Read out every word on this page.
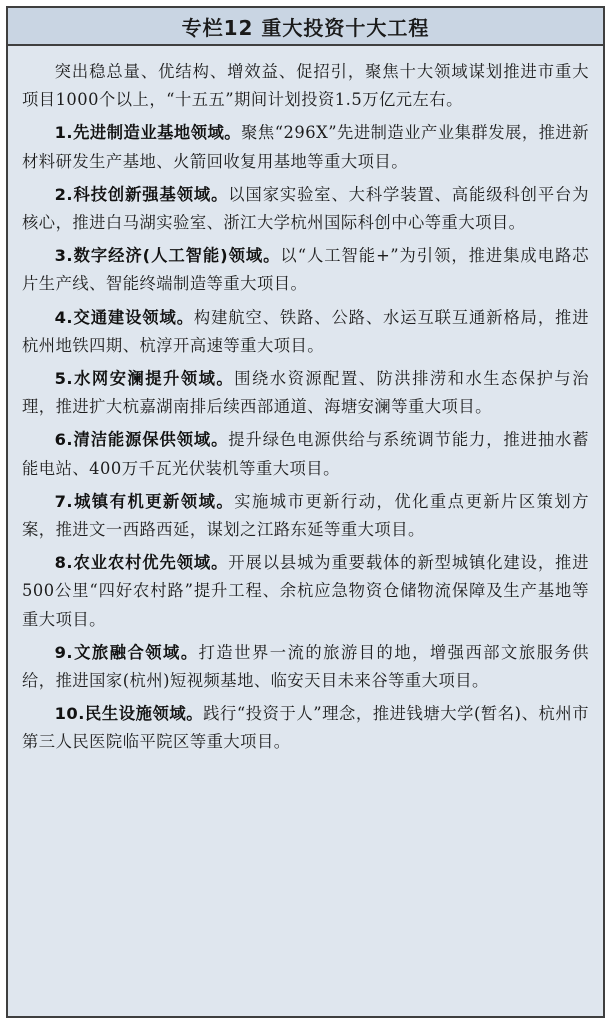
专栏12 重大投资十大工程

突出稳总量、优结构、增效益、促招引，聚焦十大领域谋划推进市重大项目1000个以上，“十五五”期间计划投资1.5万亿元左右。

1.先进制造业基地领域。聚焦“296X”先进制造业产业集群发展，推进新材料研发生产基地、火箭回收复用基地等重大项目。

2.科技创新强基领域。以国家实验室、大科学装置、高能级科创平台为核心，推进白马湖实验室、浙江大学杭州国际科创中心等重大项目。

3.数字经济(人工智能)领域。以“人工智能+”为引领，推进集成电路芯片生产线、智能终端制造等重大项目。

4.交通建设领域。构建航空、铁路、公路、水运互联互通新格局，推进杭州地铁四期、杭淳开高速等重大项目。

5.水网安澜提升领域。围绕水资源配置、防洪排涝和水生态保护与治理，推进扩大杭嘉湖南排后续西部通道、海塘安澜等重大项目。

6.清洁能源保供领域。提升绿色电源供给与系统调节能力，推进抽水蓄能电站、400万千瓦光伏装机等重大项目。

7.城镇有机更新领域。实施城市更新行动，优化重点更新片区策划方案，推进文一西路西延，谋划之江路东延等重大项目。

8.农业农村优先领域。开展以县城为重要载体的新型城镇化建设，推进500公里“四好农村路”提升工程、余杭应急物资仓储物流保障及生产基地等重大项目。

9.文旅融合领域。打造世界一流的旅游目的地，增强西部文旅服务供给，推进国家(杭州)短视频基地、临安天目未来谷等重大项目。

10.民生设施领域。践行“投资于人”理念，推进钱塘大学(暂名)、杭州市第三人民医院临平院区等重大项目。
